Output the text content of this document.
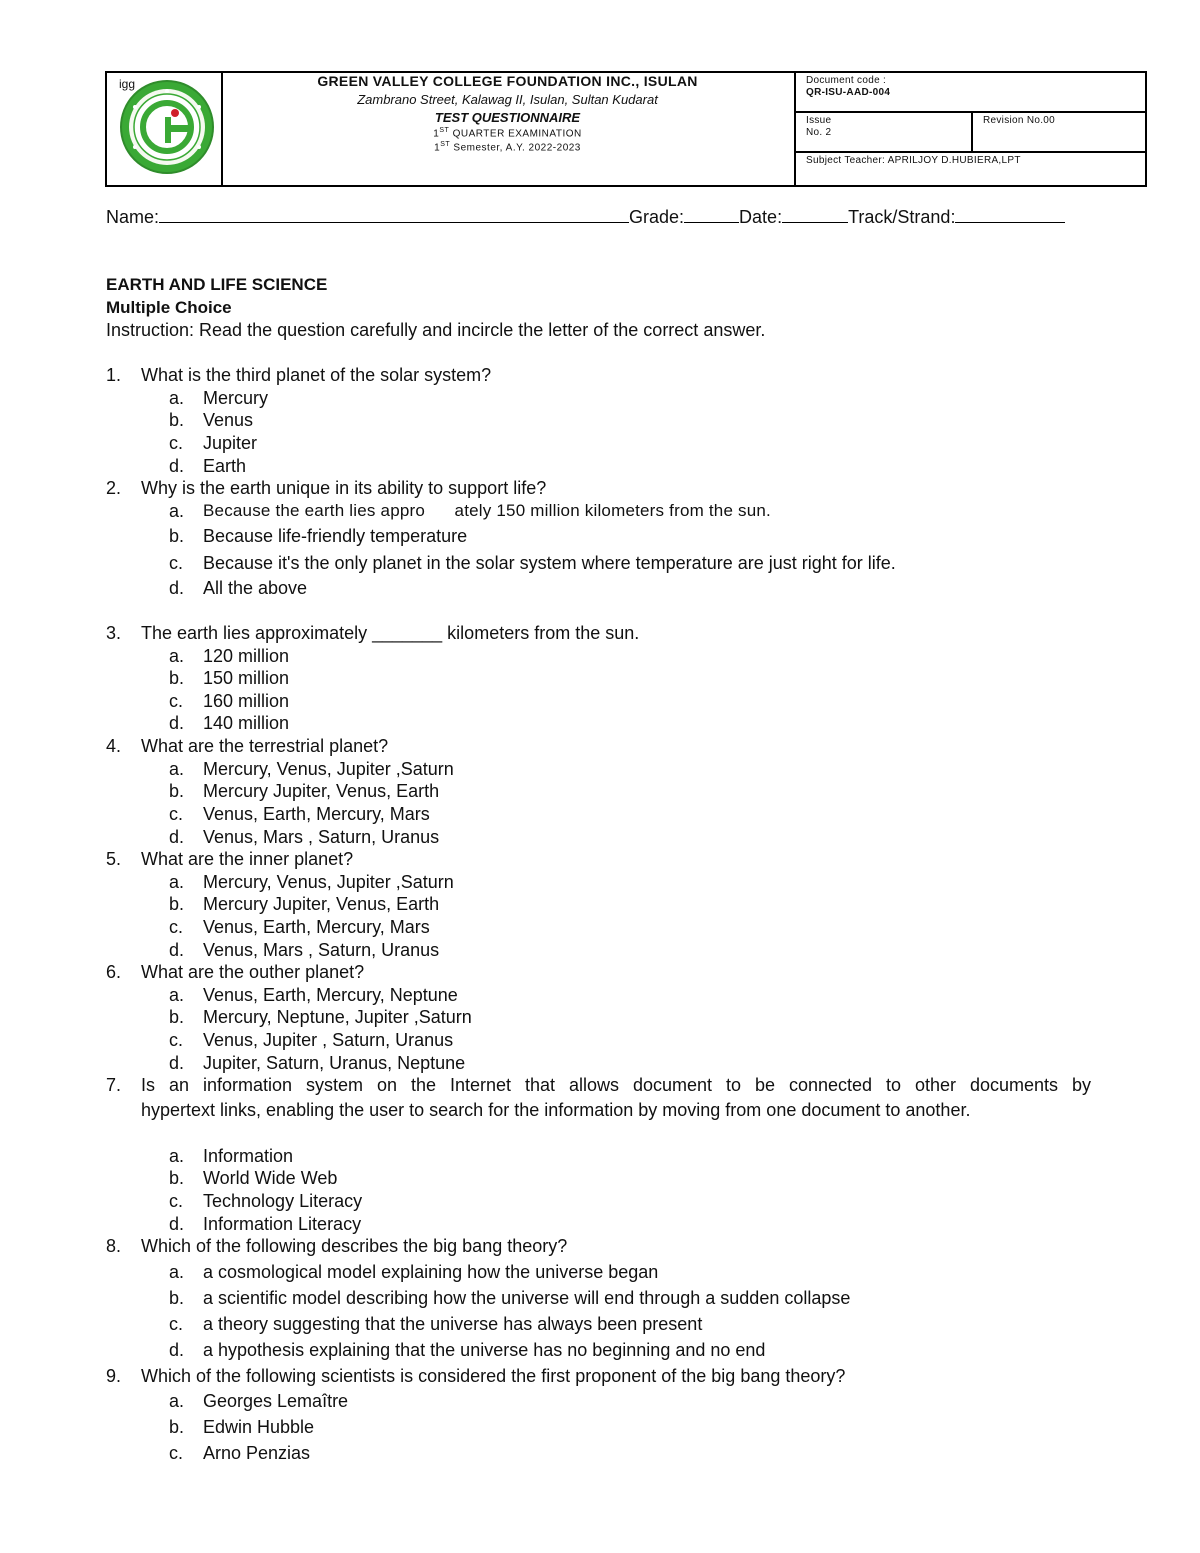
igg	GREEN VALLEY COLLEGE FOUNDATION INC., ISULAN
Zambrano Street, Kalawag II, Isulan, Sultan Kudarat
TEST QUESTIONNAIRE
1ST QUARTER EXAMINATION
1ST Semester, A.Y. 2022-2023
Document code :
QR-ISU-AAD-004
Issue
No. 2
Revision No.00
Subject Teacher: APRILJOY D.HUBIERA,LPT
Name:	Grade:	Date:	Track/Strand:
EARTH AND LIFE SCIENCE
Multiple Choice
Instruction: Read the question carefully and incircle the letter of the correct answer.
1. What is the third planet of the solar system?
a. Mercury
b. Venus
c. Jupiter
d. Earth
2. Why is the earth unique in its ability to support life?
a. Because the earth lies appro      ately 150 million kilometers from the sun.
b. Because life-friendly temperature
c. Because it's the only planet in the solar system where temperature are just right for life.
d. All the above
3. The earth lies approximately _______ kilometers from the sun.
a. 120 million
b. 150 million
c. 160 million
d. 140 million
4. What are the terrestrial planet?
a. Mercury, Venus, Jupiter ,Saturn
b. Mercury Jupiter, Venus, Earth
c. Venus, Earth, Mercury, Mars
d. Venus, Mars , Saturn, Uranus
5. What are the inner planet?
a. Mercury, Venus, Jupiter ,Saturn
b. Mercury Jupiter, Venus, Earth
c. Venus, Earth, Mercury, Mars
d. Venus, Mars , Saturn, Uranus
6. What are the outher planet?
a. Venus, Earth, Mercury, Neptune
b. Mercury, Neptune, Jupiter ,Saturn
c. Venus, Jupiter , Saturn, Uranus
d. Jupiter, Saturn, Uranus, Neptune
7. Is an information system on the Internet that allows document to be connected to other documents by
hypertext links, enabling the user to search for the information by moving from one document to another.
a. Information
b. World Wide Web
c. Technology Literacy
d. Information Literacy
8. Which of the following describes the big bang theory?
a. a cosmological model explaining how the universe began
b. a scientific model describing how the universe will end through a sudden collapse
c. a theory suggesting that the universe has always been present
d. a hypothesis explaining that the universe has no beginning and no end
9. Which of the following scientists is considered the first proponent of the big bang theory?
a. Georges Lemaître
b. Edwin Hubble
c. Arno Penzias
